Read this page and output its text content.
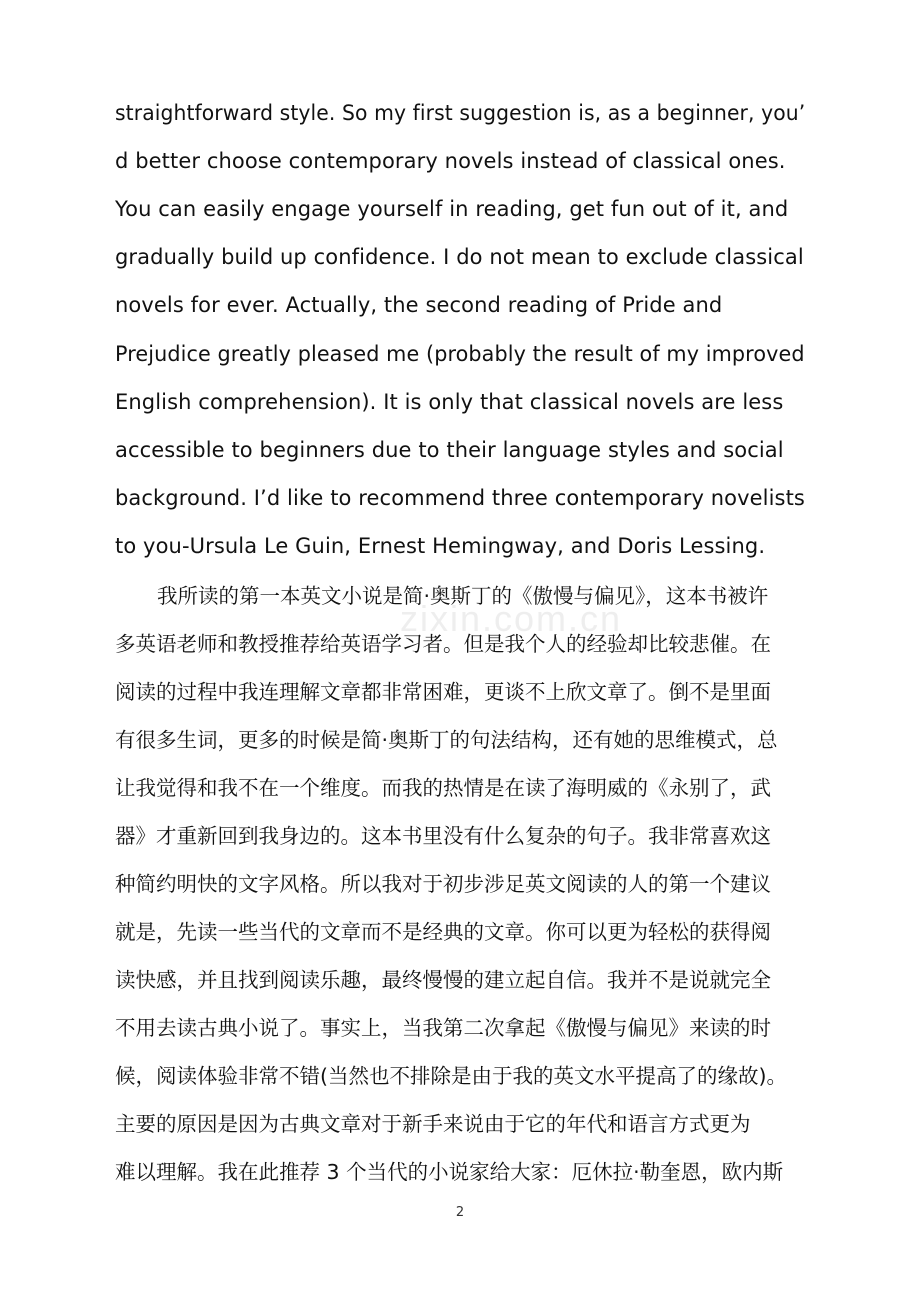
zixin.com.cn
straightforward style. So my first suggestion is, as a beginner, you’
d better choose contemporary novels instead of classical ones.
You can easily engage yourself in reading, get fun out of it, and
gradually build up confidence. I do not mean to exclude classical
novels for ever. Actually, the second reading of Pride and
Prejudice greatly pleased me (probably the result of my improved
English comprehension). It is only that classical novels are less
accessible to beginners due to their language styles and social
background. I’d like to recommend three contemporary novelists
to you-Ursula Le Guin, Ernest Hemingway, and Doris Lessing.
我所读的第一本英文小说是简·奥斯丁的《傲慢与偏见》，这本书被许
多英语老师和教授推荐给英语学习者。但是我个人的经验却比较悲催。在
阅读的过程中我连理解文章都非常困难，更谈不上欣文章了。倒不是里面
有很多生词，更多的时候是简·奥斯丁的句法结构，还有她的思维模式，总
让我觉得和我不在一个维度。而我的热情是在读了海明威的《永别了，武
器》才重新回到我身边的。这本书里没有什么复杂的句子。我非常喜欢这
种简约明快的文字风格。所以我对于初步涉足英文阅读的人的第一个建议
就是，先读一些当代的文章而不是经典的文章。你可以更为轻松的获得阅
读快感，并且找到阅读乐趣，最终慢慢的建立起自信。我并不是说就完全
不用去读古典小说了。事实上，当我第二次拿起《傲慢与偏见》来读的时
候，阅读体验非常不错(当然也不排除是由于我的英文水平提高了的缘故)。
主要的原因是因为古典文章对于新手来说由于它的年代和语言方式更为
难以理解。我在此推荐 3 个当代的小说家给大家：厄休拉·勒奎恩，欧内斯
2
